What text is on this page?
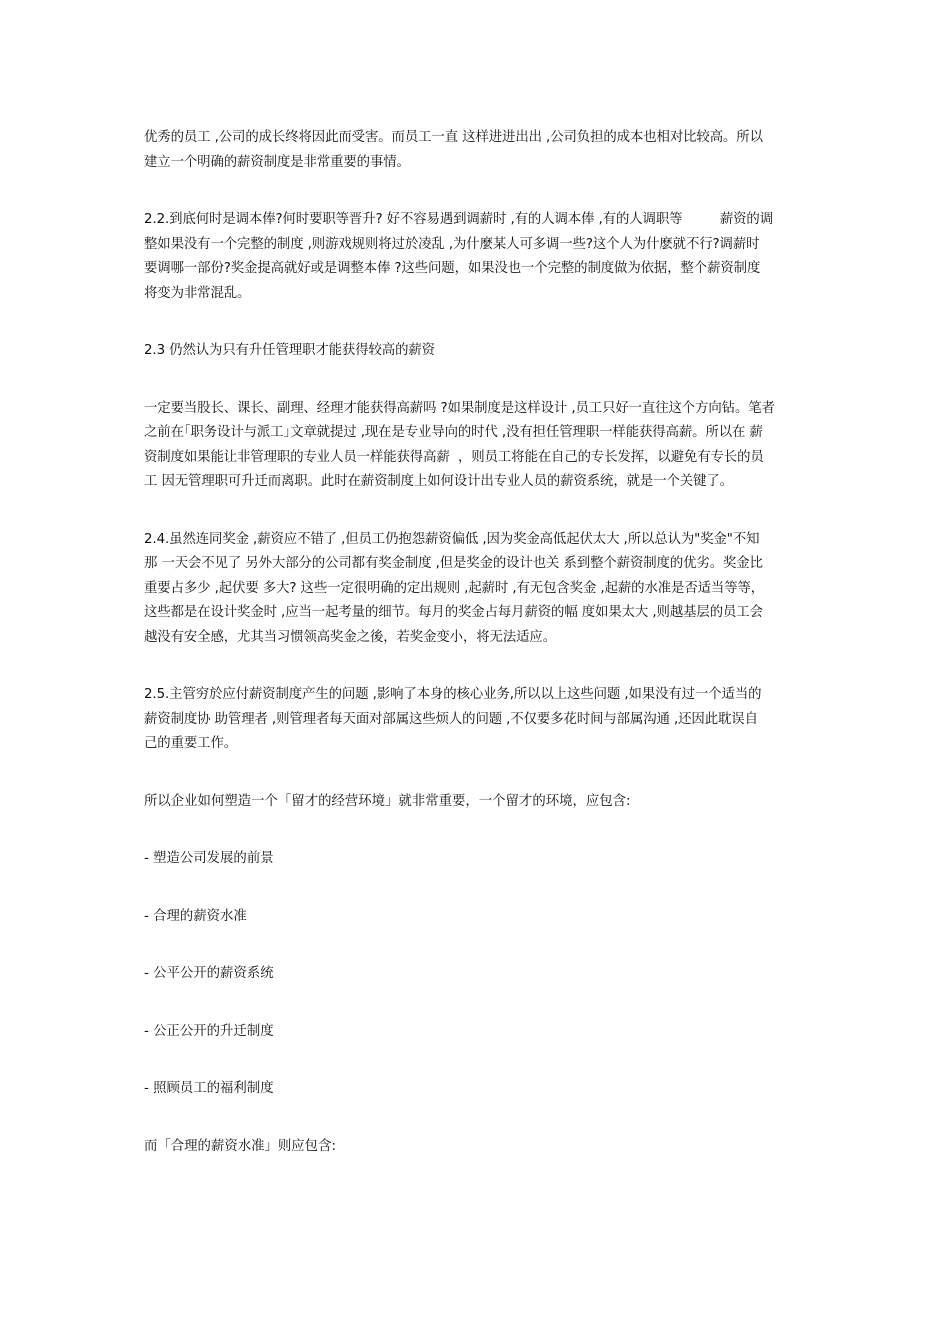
优秀的员工 ,公司的成长终将因此而受害。而员工一直 这样进进出出 ,公司负担的成本也相对比较高。所以
建立一个明确的薪资制度是非常重要的事情。
2.2.到底何时是调本俸?何时要职等晋升? 好不容易遇到调薪时 ,有的人调本俸 ,有的人调职等         薪资的调
整如果没有一个完整的制度 ,则游戏规则将过於凌乱 ,为什麼某人可多调一些?这个人为什麽就不行?调薪时
要调哪一部份?奖金提高就好或是调整本俸 ?这些问题，如果没也一个完整的制度做为依据，整个薪资制度
将变为非常混乱。
2.3 仍然认为只有升任管理职才能获得较高的薪资
一定要当股长、课长、副理、经理才能获得高薪吗 ?如果制度是这样设计 ,员工只好一直往这个方向钻。笔者
之前在｢职务设计与派工｣文章就提过 ,现在是专业导向的时代 ,没有担任管理职一样能获得高薪。所以在 薪
资制度如果能让非管理职的专业人员一样能获得高薪  ，则员工将能在自己的专长发挥，以避免有专长的员
工 因无管理职可升迁而离职。此时在薪资制度上如何设计出专业人员的薪资系统，就是一个关键了。
2.4.虽然连同奖金 ,薪资应不错了 ,但员工仍抱怨薪资偏低 ,因为奖金高低起伏太大 ,所以总认为"奖金"不知
那 一天会不见了 另外大部分的公司都有奖金制度 ,但是奖金的设计也关 系到整个薪资制度的优劣。奖金比
重要占多少 ,起伏要 多大? 这些一定很明确的定出规则 ,起薪时 ,有无包含奖金 ,起薪的水准是否适当等等，
这些都是在设计奖金时 ,应当一起考量的细节。每月的奖金占每月薪资的幅 度如果太大 ,则越基层的员工会
越没有安全感，尤其当习惯领高奖金之後，若奖金变小，将无法适应。
2.5.主管穷於应付薪资制度产生的问题 ,影响了本身的核心业务,所以以上这些问题 ,如果没有过一个适当的
薪资制度协 助管理者 ,则管理者每天面对部属这些烦人的问题 ,不仅要多花时间与部属沟通 ,还因此耽误自
己的重要工作。
所以企业如何塑造一个「留才的经营环境」就非常重要，一个留才的环境，应包含:
- 塑造公司发展的前景
- 合理的薪资水准
- 公平公开的薪资系统
- 公正公开的升迁制度
- 照顾员工的福利制度
而「合理的薪资水准」则应包含:
